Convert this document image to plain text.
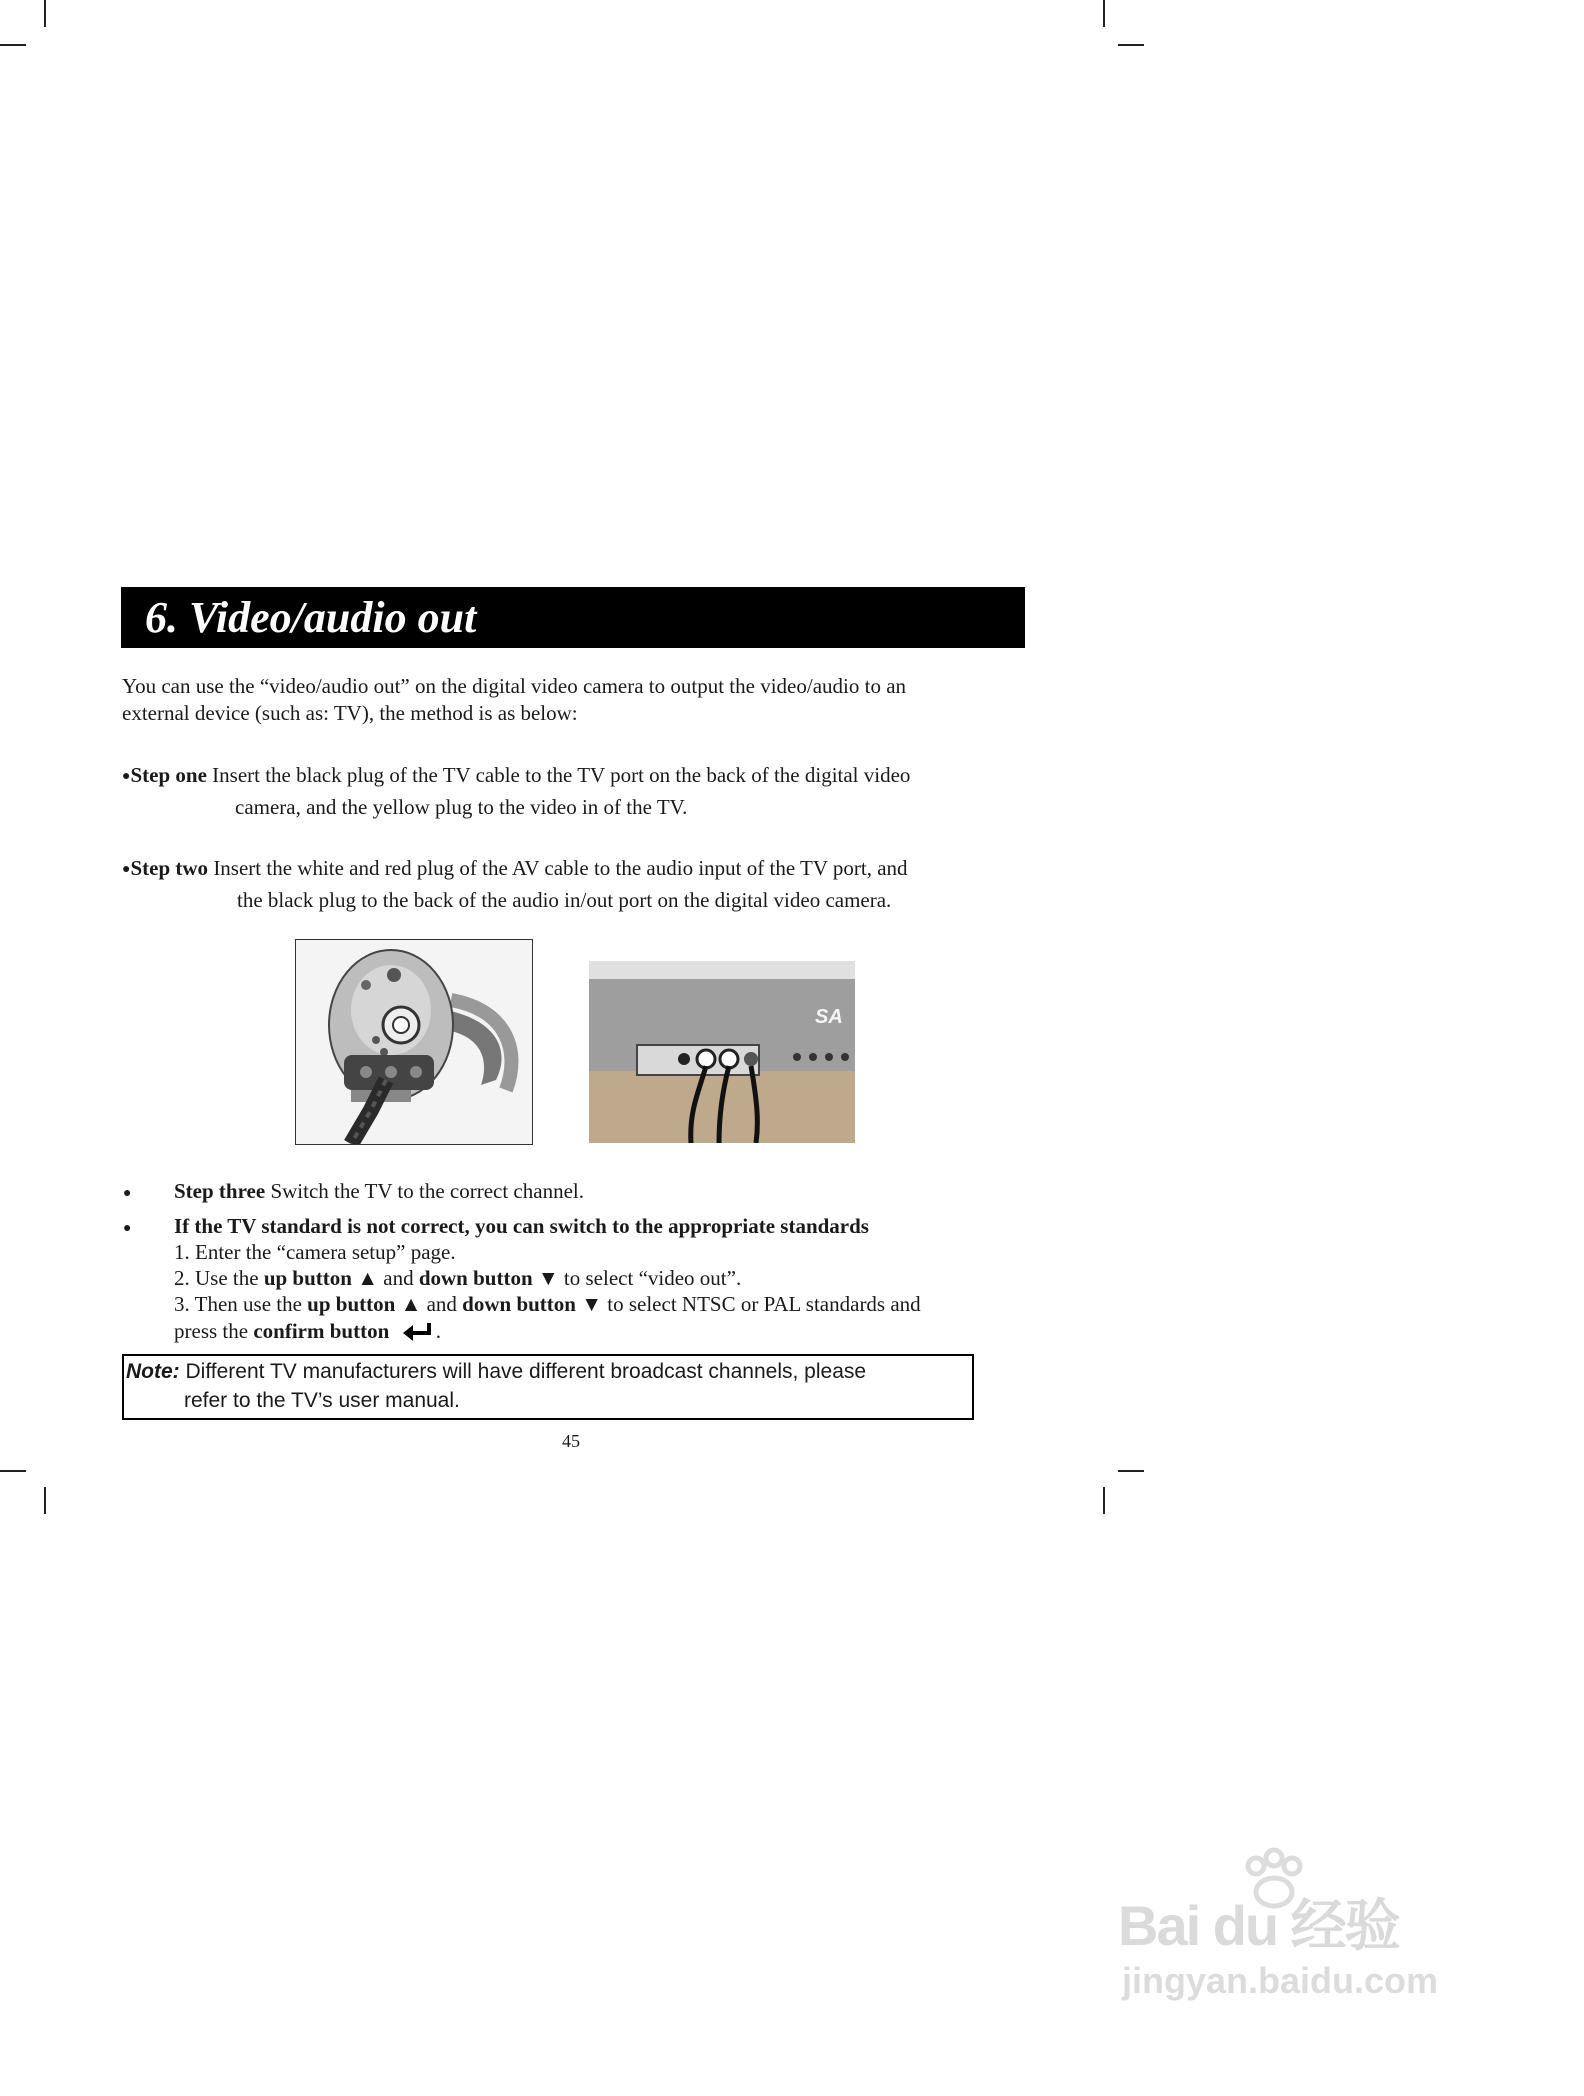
6. Video/audio out
You can use the “video/audio out” on the digital video camera to output the video/audio to an
external device (such as: TV), the method is as below:
●Step one Insert the black plug of the TV cable to the TV port on the back of the digital video
camera, and the yellow plug to the video in of the TV.
●Step two Insert the white and red plug of the AV cable to the audio input of the TV port, and
the black plug to the back of the audio in/out port on the digital video camera.
SA
● Step three Switch the TV to the correct channel.
● If the TV standard is not correct, you can switch to the appropriate standards
1. Enter the “camera setup” page.
2. Use the up button ▲ and down button ▼ to select “video out”.
3. Then use the up button ▲ and down button ▼ to select NTSC or PAL standards and
press the confirm button  .
Note: Different TV manufacturers will have different broadcast channels, please
refer to the TV’s user manual.
45
Bai du 经验
jingyan.baidu.com
